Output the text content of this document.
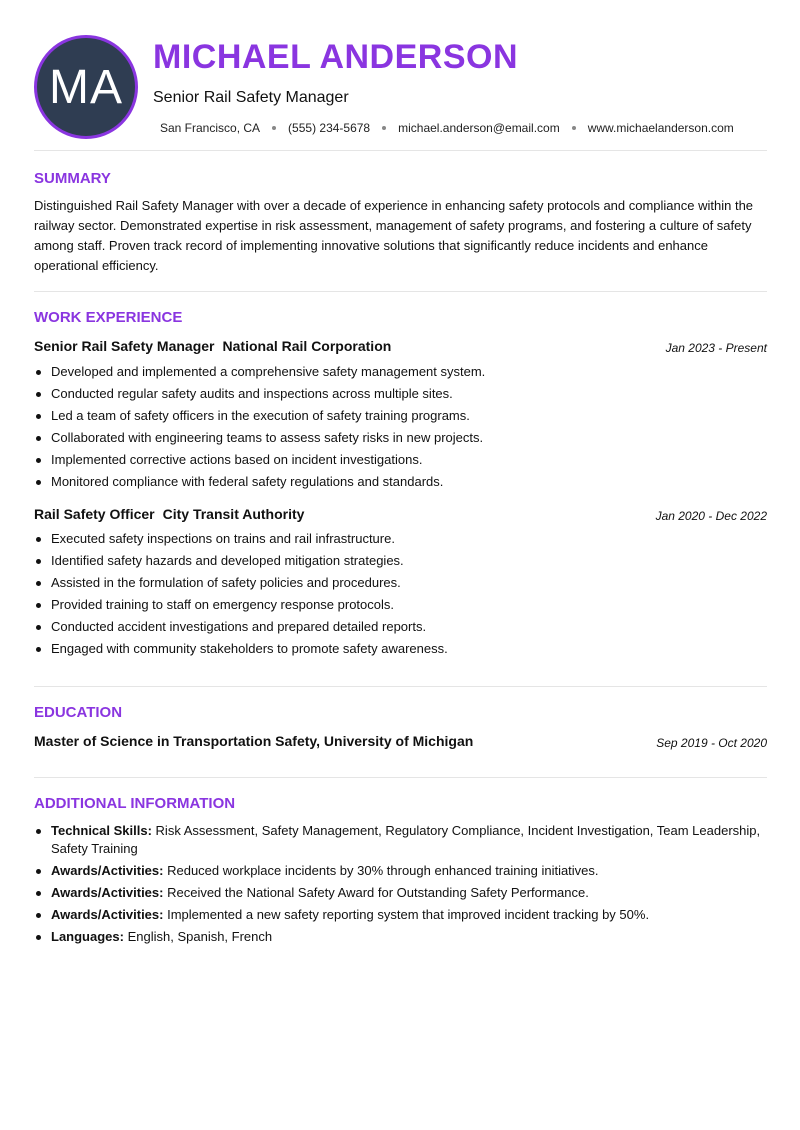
MA
MICHAEL ANDERSON
Senior Rail Safety Manager
San Francisco, CA (555) 234-5678 michael.anderson@email.com www.michaelanderson.com
SUMMARY

Distinguished Rail Safety Manager with over a decade of experience in enhancing safety protocols and compliance within the railway sector. Demonstrated expertise in risk assessment, management of safety programs, and fostering a culture of safety among staff. Proven track record of implementing innovative solutions that significantly reduce incidents and enhance operational efficiency.

WORK EXPERIENCE
Senior Rail Safety Manager National Rail Corporation	Jan 2023 - Present
Developed and implemented a comprehensive safety management system.
Conducted regular safety audits and inspections across multiple sites.
Led a team of safety officers in the execution of safety training programs.
Collaborated with engineering teams to assess safety risks in new projects.
Implemented corrective actions based on incident investigations.
Monitored compliance with federal safety regulations and standards.
Rail Safety Officer City Transit Authority	Jan 2020 - Dec 2022
Executed safety inspections on trains and rail infrastructure.
Identified safety hazards and developed mitigation strategies.
Assisted in the formulation of safety policies and procedures.
Provided training to staff on emergency response protocols.
Conducted accident investigations and prepared detailed reports.
Engaged with community stakeholders to promote safety awareness.
EDUCATION
Master of Science in Transportation Safety, University of Michigan	Sep 2019 - Oct 2020
ADDITIONAL INFORMATION
Technical Skills: Risk Assessment, Safety Management, Regulatory Compliance, Incident Investigation, Team Leadership, Safety Training
Awards/Activities: Reduced workplace incidents by 30% through enhanced training initiatives.
Awards/Activities: Received the National Safety Award for Outstanding Safety Performance.
Awards/Activities: Implemented a new safety reporting system that improved incident tracking by 50%.
Languages: English, Spanish, French
